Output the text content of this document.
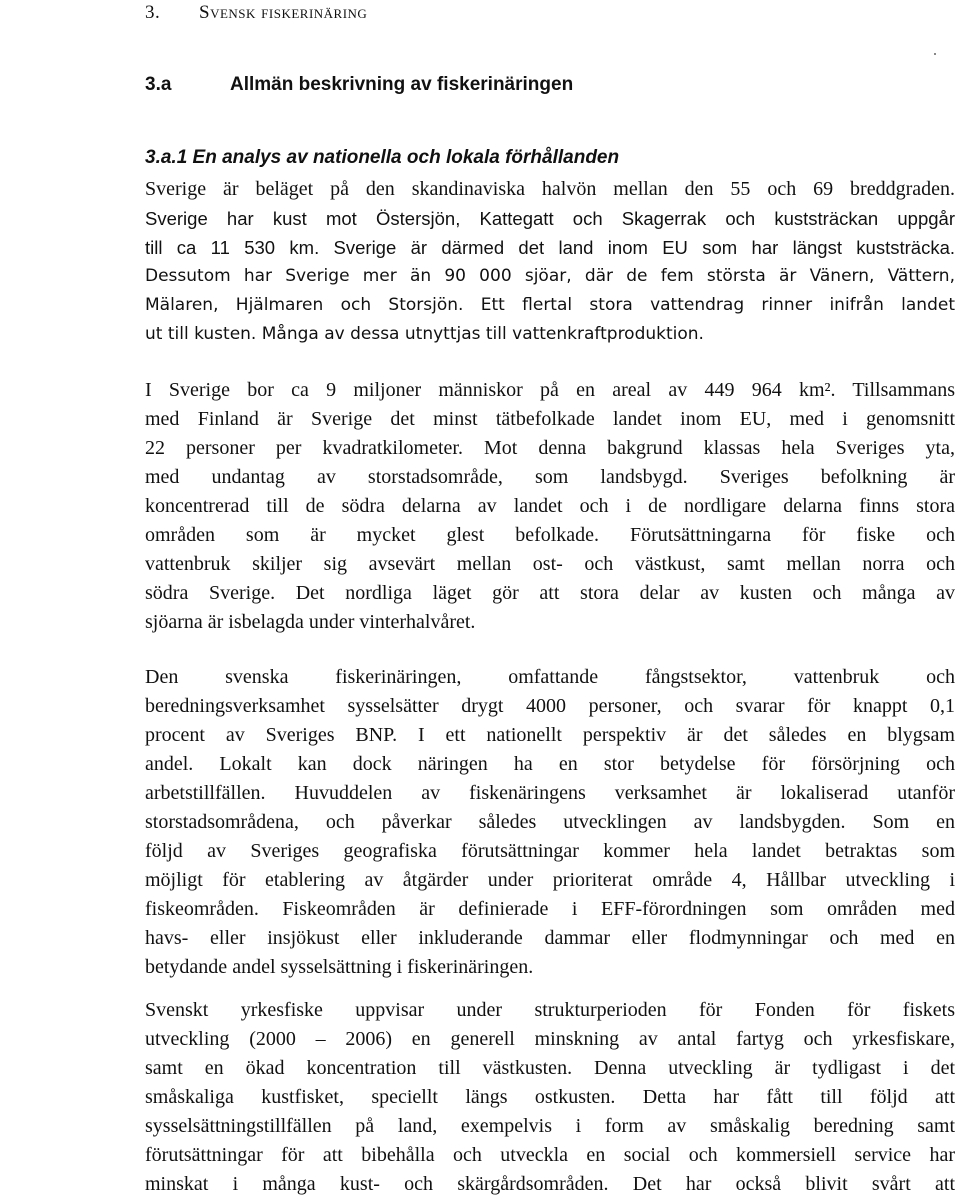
3. Svensk fiskerinäring
3.a	Allmän beskrivning av fiskerinäringen
3.a.1 En analys av nationella och lokala förhållanden
Sverige är beläget på den skandinaviska halvön mellan den 55 och 69 breddgraden.
Sverige har kust mot Östersjön, Kattegatt och Skagerrak och kuststräckan uppgår
till ca 11 530 km. Sverige är därmed det land inom EU som har längst kuststräcka.
Dessutom har Sverige mer än 90 000 sjöar, där de fem största är Vänern, Vättern,
Mälaren, Hjälmaren och Storsjön. Ett flertal stora vattendrag rinner inifrån landet
ut till kusten. Många av dessa utnyttjas till vattenkraftproduktion.
I Sverige bor ca 9 miljoner människor på en areal av 449 964 km². Tillsammans
med Finland är Sverige det minst tätbefolkade landet inom EU, med i genomsnitt
22 personer per kvadratkilometer. Mot denna bakgrund klassas hela Sveriges yta,
med undantag av storstadsområde, som landsbygd. Sveriges befolkning är
koncentrerad till de södra delarna av landet och i de nordligare delarna finns stora
områden som är mycket glest befolkade. Förutsättningarna för fiske och
vattenbruk skiljer sig avsevärt mellan ost- och västkust, samt mellan norra och
södra Sverige. Det nordliga läget gör att stora delar av kusten och många av
sjöarna är isbelagda under vinterhalvåret.
Den svenska fiskerinäringen, omfattande fångstsektor, vattenbruk och
beredningsverksamhet sysselsätter drygt 4000 personer, och svarar för knappt 0,1
procent av Sveriges BNP. I ett nationellt perspektiv är det således en blygsam
andel. Lokalt kan dock näringen ha en stor betydelse för försörjning och
arbetstillfällen. Huvuddelen av fiskenäringens verksamhet är lokaliserad utanför
storstadsområdena, och påverkar således utvecklingen av landsbygden. Som en
följd av Sveriges geografiska förutsättningar kommer hela landet betraktas som
möjligt för etablering av åtgärder under prioriterat område 4, Hållbar utveckling i
fiskeområden. Fiskeområden är definierade i EFF-förordningen som områden med
havs- eller insjökust eller inkluderande dammar eller flodmynningar och med en
betydande andel sysselsättning i fiskerinäringen.
Svenskt yrkesfiske uppvisar under strukturperioden för Fonden för fiskets
utveckling (2000 – 2006) en generell minskning av antal fartyg och yrkesfiskare,
samt en ökad koncentration till västkusten. Denna utveckling är tydligast i det
småskaliga kustfisket, speciellt längs ostkusten. Detta har fått till följd att
sysselsättningstillfällen på land, exempelvis i form av småskalig beredning samt
förutsättningar för att bibehålla och utveckla en social och kommersiell service har
minskat i många kust- och skärgårdsområden. Det har också blivit svårt att
